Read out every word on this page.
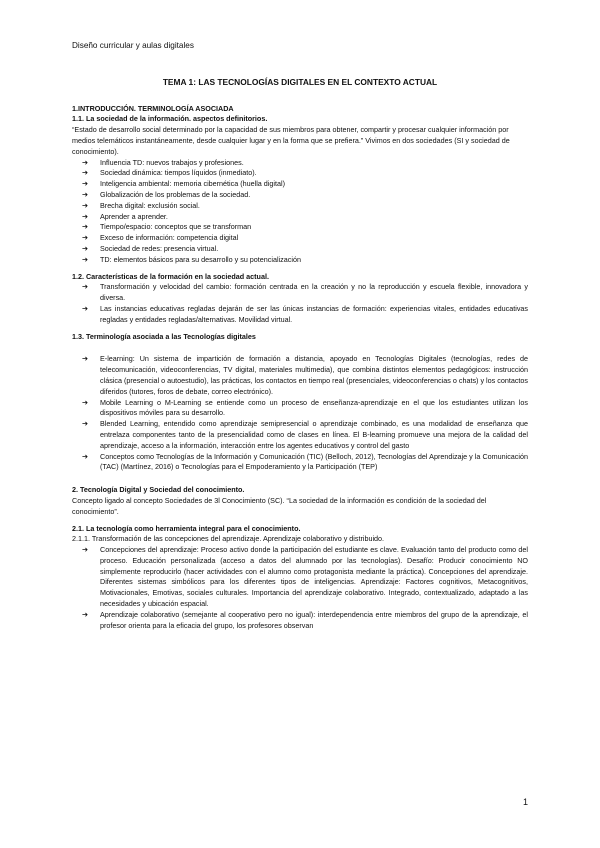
Diseño curricular y aulas digitales
TEMA 1: LAS TECNOLOGÍAS DIGITALES EN EL CONTEXTO ACTUAL

1.INTRODUCCIÓN. TERMINOLOGÍA ASOCIADA

1.1. La sociedad de la información. aspectos definitorios.

“Estado de desarrollo social determinado por la capacidad de sus miembros para obtener, compartir y procesar cualquier información por medios telemáticos instantáneamente, desde cualquier lugar y en la forma que se prefiera.” Vivimos en dos sociedades (SI y sociedad de conocimiento).

➔ Influencia TD: nuevos trabajos y profesiones.
➔ Sociedad dinámica: tiempos líquidos (inmediato).
➔ Inteligencia ambiental: memoria cibernética (huella digital)
➔ Globalización de los problemas de la sociedad.
➔ Brecha digital: exclusión social.
➔ Aprender a aprender.
➔ Tiempo/espacio: conceptos que se transforman
➔ Exceso de información: competencia digital
➔ Sociedad de redes: presencia virtual.
➔ TD: elementos básicos para su desarrollo y su potencialización

1.2. Características de la formación en la sociedad actual.

➔ Transformación y velocidad del cambio: formación centrada en la creación y no la reproducción y escuela flexible, innovadora y diversa.
➔ Las instancias educativas regladas dejarán de ser las únicas instancias de formación: experiencias vitales, entidades educativas regladas y entidades regladas/alternativas. Movilidad virtual.

1.3. Terminología asociada a las Tecnologías digitales

➔ E-learning: Un sistema de impartición de formación a distancia, apoyado en Tecnologías Digitales (tecnologías, redes de telecomunicación, videoconferencias, TV digital, materiales multimedia), que combina distintos elementos pedagógicos: instrucción clásica (presencial o autoestudio), las prácticas, los contactos en tiempo real (presenciales, videoconferencias o chats) y los contactos diferidos (tutores, foros de debate, correo electrónico).
➔ Mobile Learning o M-Learning se entiende como un proceso de enseñanza-aprendizaje en el que los estudiantes utilizan los dispositivos móviles para su desarrollo.
➔ Blended Learning, entendido como aprendizaje semipresencial o aprendizaje combinado, es una modalidad de enseñanza que entrelaza componentes tanto de la presencialidad como de clases en línea. El B-learning promueve una mejora de la calidad del aprendizaje, acceso a la información, interacción entre los agentes educativos y control del gasto
➔ Conceptos como Tecnologías de la Información y Comunicación (TIC) (Belloch, 2012), Tecnologías del Aprendizaje y la Comunicación (TAC) (Martínez, 2016) o Tecnologías para el Empoderamiento y la Participación (TEP)

2. Tecnología Digital y Sociedad del conocimiento.

Concepto ligado al concepto Sociedades de 3l Conocimiento (SC). “La sociedad de la información es condición de la sociedad del conocimiento”.

2.1. La tecnología como herramienta integral para el conocimiento.

2.1.1. Transformación de las concepciones del aprendizaje. Aprendizaje colaborativo y distribuido.

➔ Concepciones del aprendizaje: Proceso activo donde la participación del estudiante es clave. Evaluación tanto del producto como del proceso. Educación personalizada (acceso a datos del alumnado por las tecnologías). Desafío: Producir conocimiento NO simplemente reproducirlo (hacer actividades con el alumno como protagonista mediante la práctica). Concepciones del aprendizaje. Diferentes sistemas simbólicos para los diferentes tipos de inteligencias. Aprendizaje: Factores cognitivos, Metacognitivos, Motivacionales, Emotivas, sociales culturales. Importancia del aprendizaje colaborativo. Integrado, contextualizado, adaptado a las necesidades y ubicación espacial.
➔ Aprendizaje colaborativo (semejante al cooperativo pero no igual): interdependencia entre miembros del grupo de la aprendizaje, el profesor orienta para la eficacia del grupo, los profesores observan
1
